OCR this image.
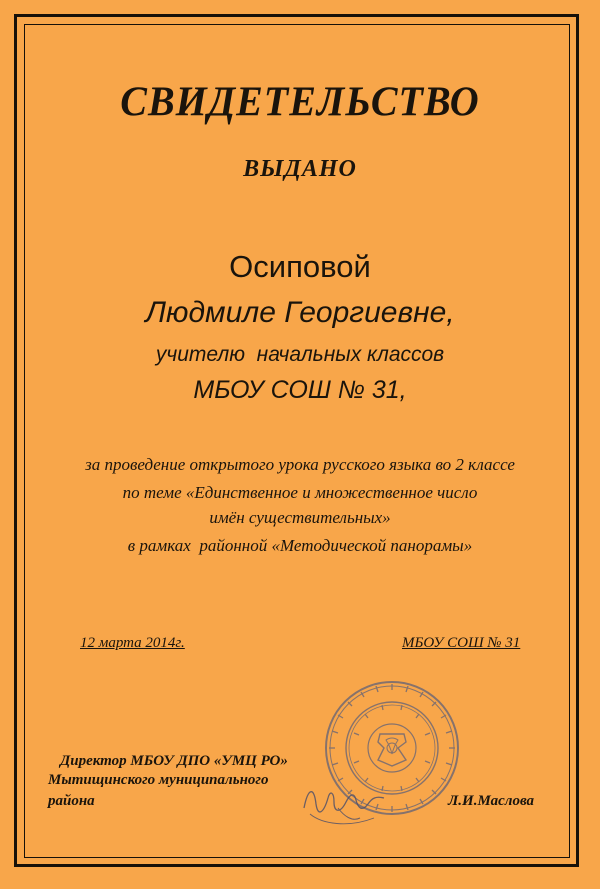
СВИДЕТЕЛЬСТВО
ВЫДАНО
Осиповой
Людмиле Георгиевне,
учителю  начальных классов
МБОУ СОШ № 31,
за проведение открытого урока русского языка во 2 классе
по теме «Единственное и множественное число
имён существительных»
в рамках  районной «Методической панорамы»
12 марта 2014г.	МБОУ СОШ № 31
Директор МБОУ ДПО «УМЦ РО»
Мытищинского муниципального
района	Л.И.Маслова
